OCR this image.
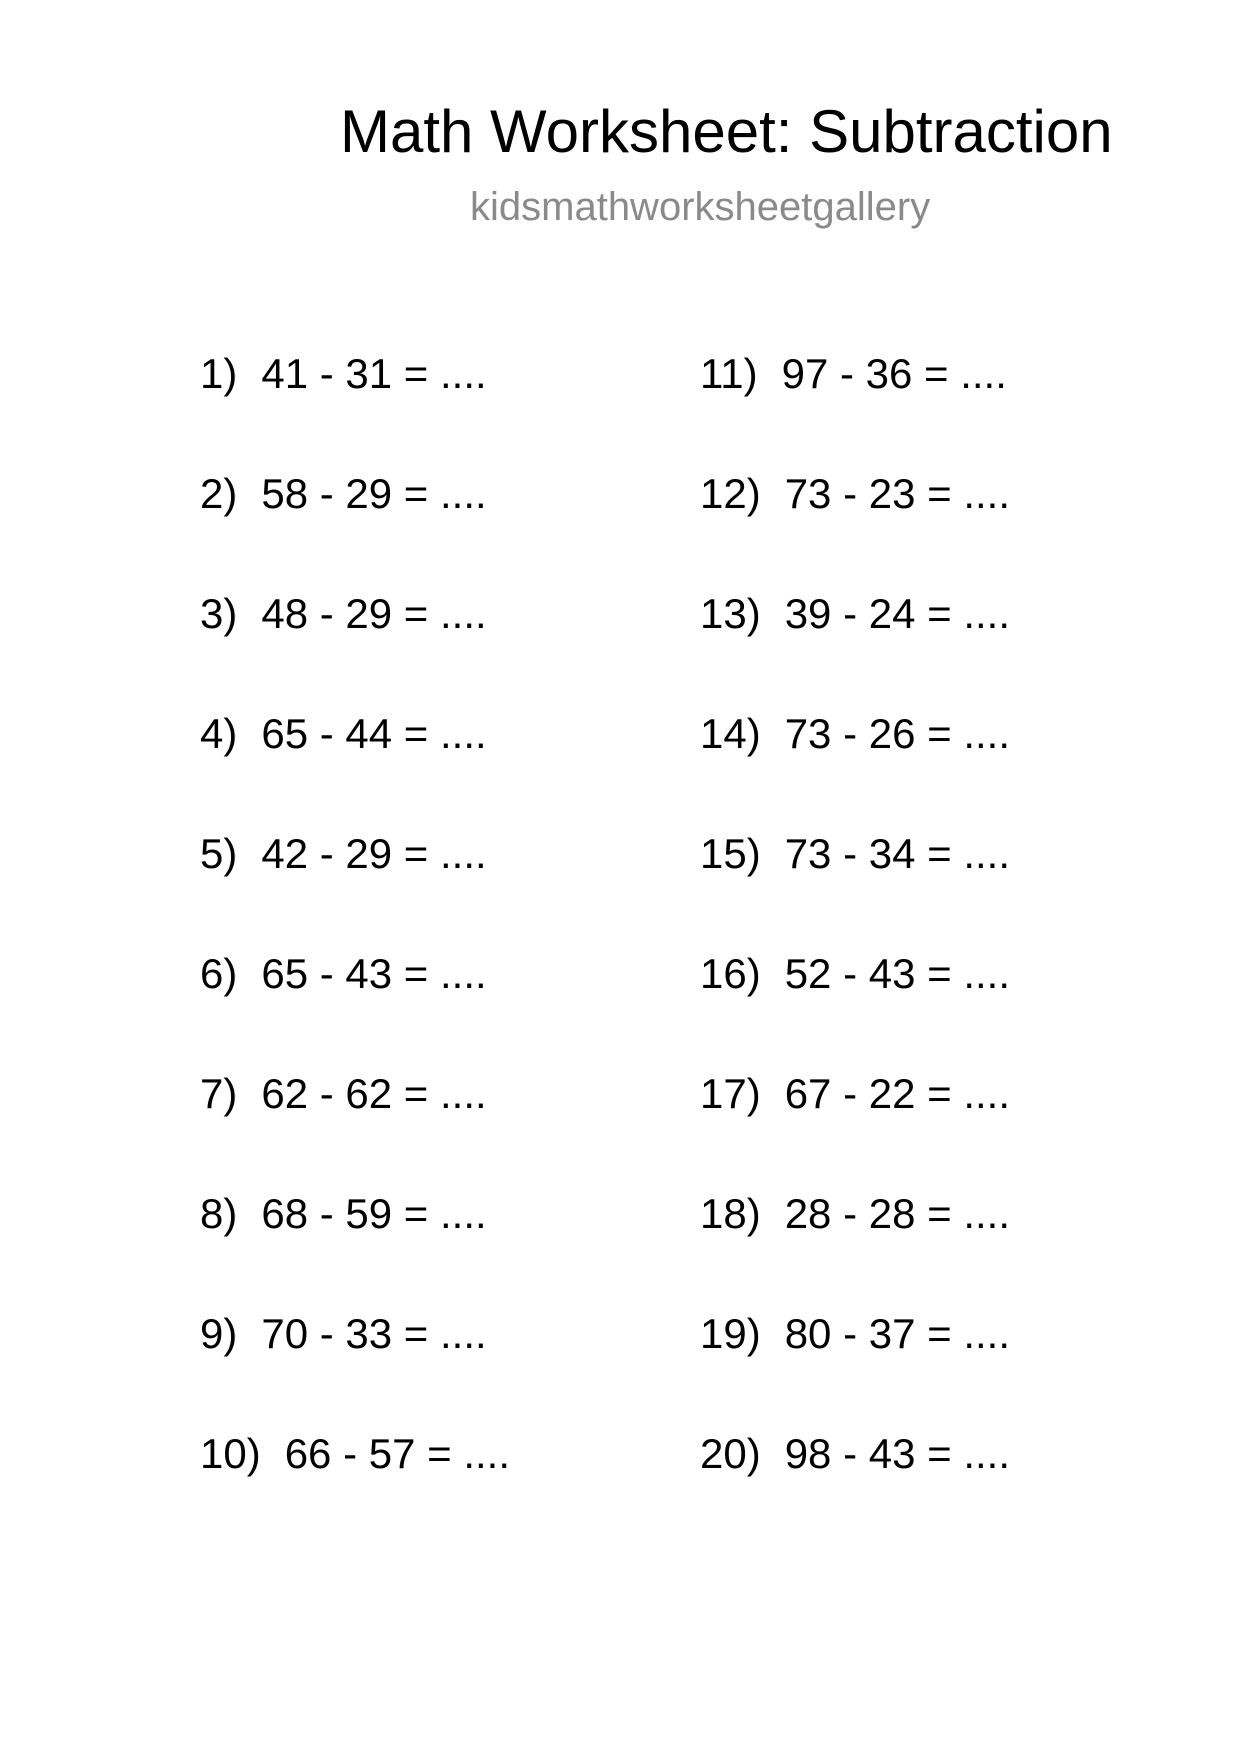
Math Worksheet: Subtraction
kidsmathworksheetgallery
1) 41 - 31 = ....
2) 58 - 29 = ....
3) 48 - 29 = ....
4) 65 - 44 = ....
5) 42 - 29 = ....
6) 65 - 43 = ....
7) 62 - 62 = ....
8) 68 - 59 = ....
9) 70 - 33 = ....
10) 66 - 57 = ....
11) 97 - 36 = ....
12) 73 - 23 = ....
13) 39 - 24 = ....
14) 73 - 26 = ....
15) 73 - 34 = ....
16) 52 - 43 = ....
17) 67 - 22 = ....
18) 28 - 28 = ....
19) 80 - 37 = ....
20) 98 - 43 = ....
